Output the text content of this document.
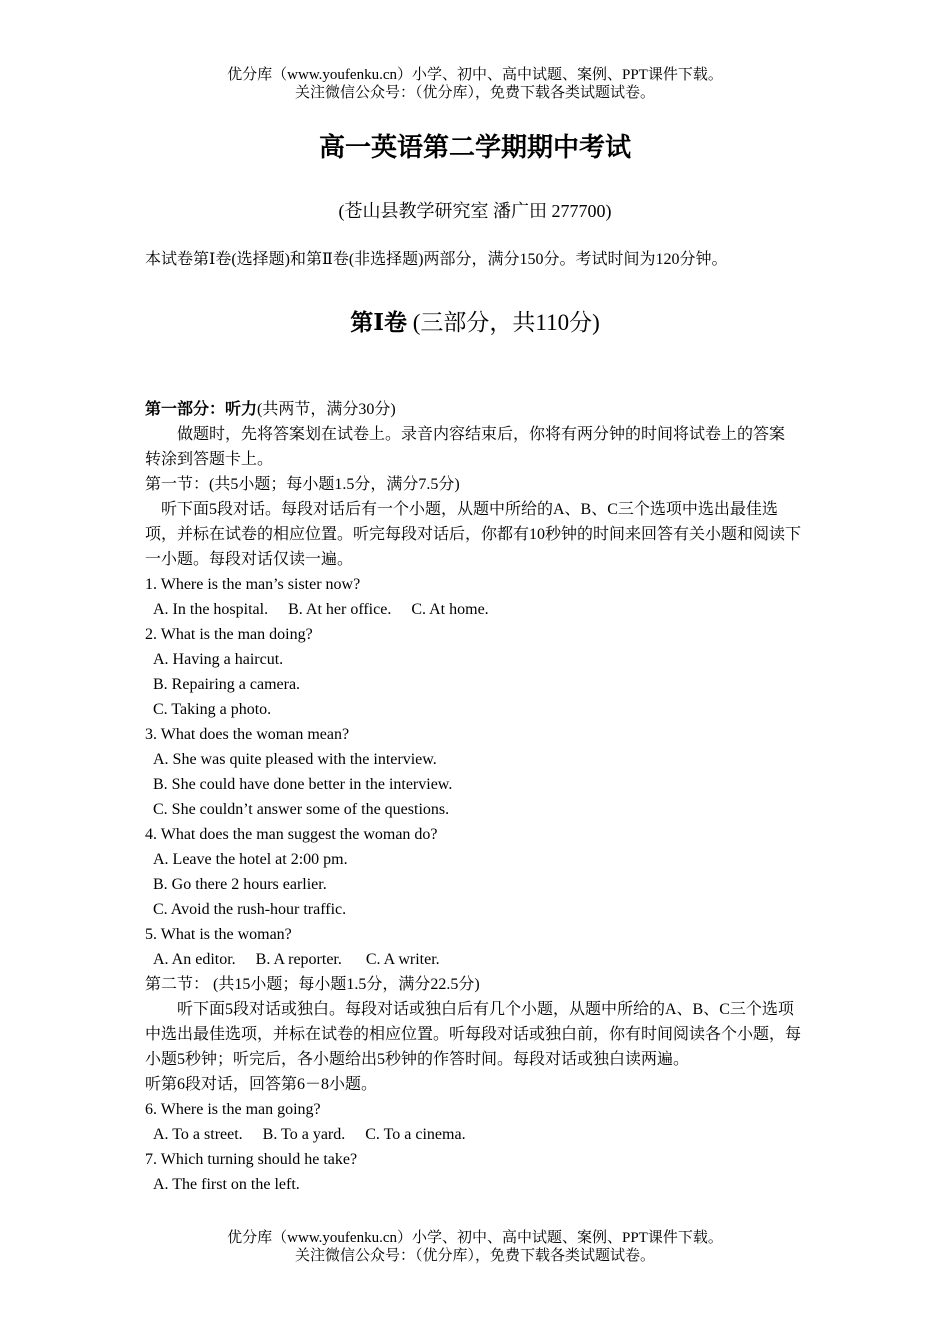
优分库（www.youfenku.cn）小学、初中、高中试题、案例、PPT课件下载。
关注微信公众号：（优分库），免费下载各类试题试卷。
高一英语第二学期期中考试
(苍山县教学研究室 潘广田 277700)
本试卷第Ⅰ卷(选择题)和第Ⅱ卷(非选择题)两部分，满分150分。考试时间为120分钟。
第Ⅰ卷 (三部分，共110分)
第一部分：听力(共两节，满分30分)
做题时，先将答案划在试卷上。录音内容结束后，你将有两分钟的时间将试卷上的答案
转涂到答题卡上。
第一节：(共5小题；每小题1.5分，满分7.5分)
听下面5段对话。每段对话后有一个小题，从题中所给的A、B、C三个选项中选出最佳选项，并标在试卷的相应位置。听完每段对话后，你都有10秒钟的时间来回答有关小题和阅读下一小题。每段对话仅读一遍。
1. Where is the man’s sister now?
A. In the hospital.     B. At her office.     C. At home.
2. What is the man doing?
A. Having a haircut.
B. Repairing a camera.
C. Taking a photo.
3. What does the woman mean?
A. She was quite pleased with the interview.
B. She could have done better in the interview.
C. She couldn’t answer some of the questions.
4. What does the man suggest the woman do?
A. Leave the hotel at 2:00 pm.
B. Go there 2 hours earlier.
C. Avoid the rush-hour traffic.
5. What is the woman?
A. An editor.     B. A reporter.      C. A writer.
第二节： (共15小题；每小题1.5分，满分22.5分)
听下面5段对话或独白。每段对话或独白后有几个小题，从题中所给的A、B、C三个选项中选出最佳选项，并标在试卷的相应位置。听每段对话或独白前，你有时间阅读各个小题，每小题5秒钟；听完后，各小题给出5秒钟的作答时间。每段对话或独白读两遍。
听第6段对话，回答第6－8小题。
6. Where is the man going?
A. To a street.     B. To a yard.     C. To a cinema.
7. Which turning should he take?
A. The first on the left.
优分库（www.youfenku.cn）小学、初中、高中试题、案例、PPT课件下载。
关注微信公众号：（优分库），免费下载各类试题试卷。
